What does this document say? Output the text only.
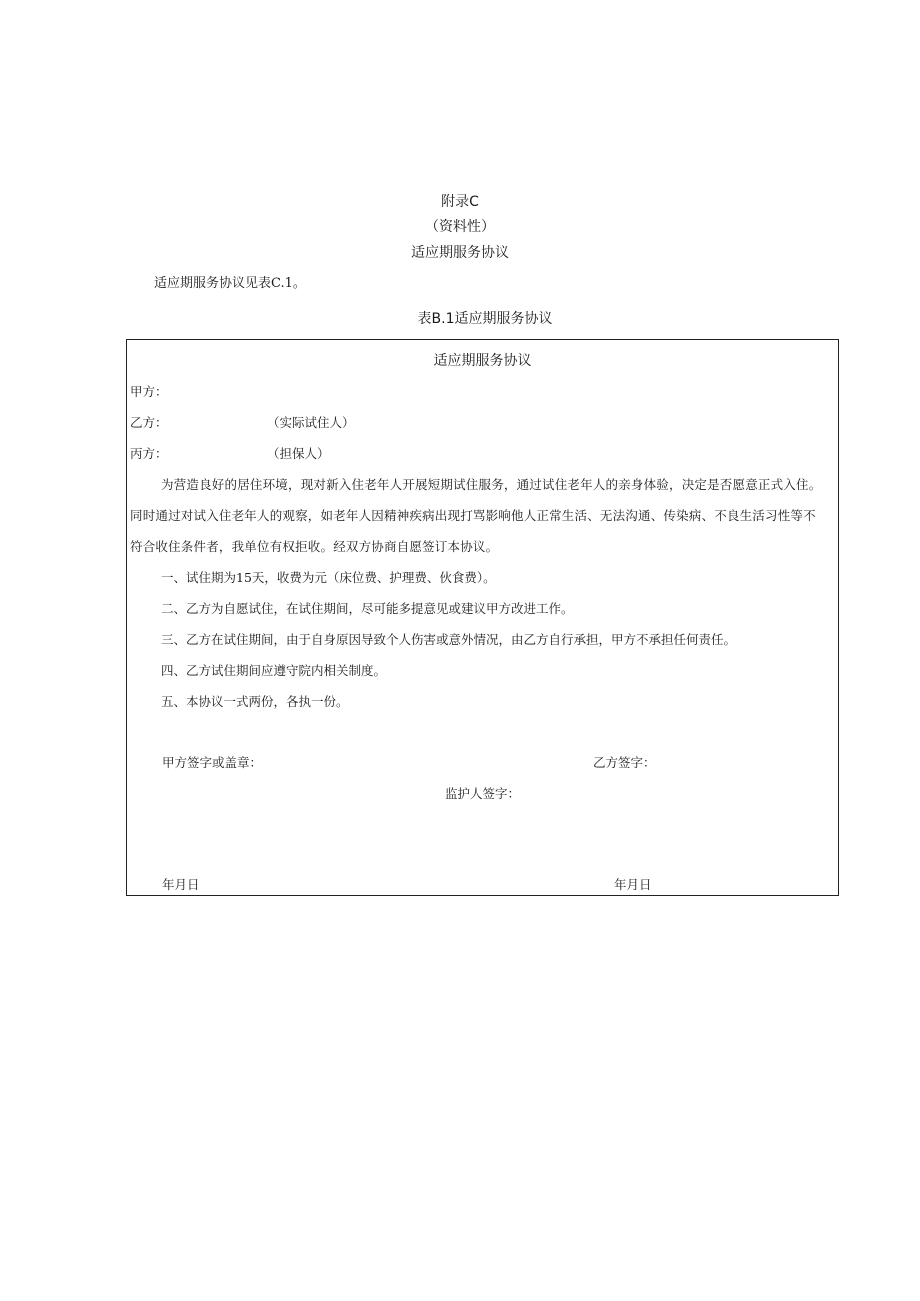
附录C
（资料性）
适应期服务协议
适应期服务协议见表C.1。
表B.1适应期服务协议
适应期服务协议
甲方：
乙方：	（实际试住人）
丙方：	（担保人）
为营造良好的居住环境，现对新入住老年人开展短期试住服务，通过试住老年人的亲身体验，决定是否愿意正式入住。
同时通过对试入住老年人的观察，如老年人因精神疾病出现打骂影响他人正常生活、无法沟通、传染病、不良生活习性等不
符合收住条件者，我单位有权拒收。经双方协商自愿签订本协议。
一、试住期为15天，收费为元（床位费、护理费、伙食费）。
二、乙方为自愿试住，在试住期间，尽可能多提意见或建议甲方改进工作。
三、乙方在试住期间，由于自身原因导致个人伤害或意外情况，由乙方自行承担，甲方不承担任何责任。
四、乙方试住期间应遵守院内相关制度。
五、本协议一式两份，各执一份。
甲方签字或盖章：	乙方签字：
监护人签字：
年月日	年月日
